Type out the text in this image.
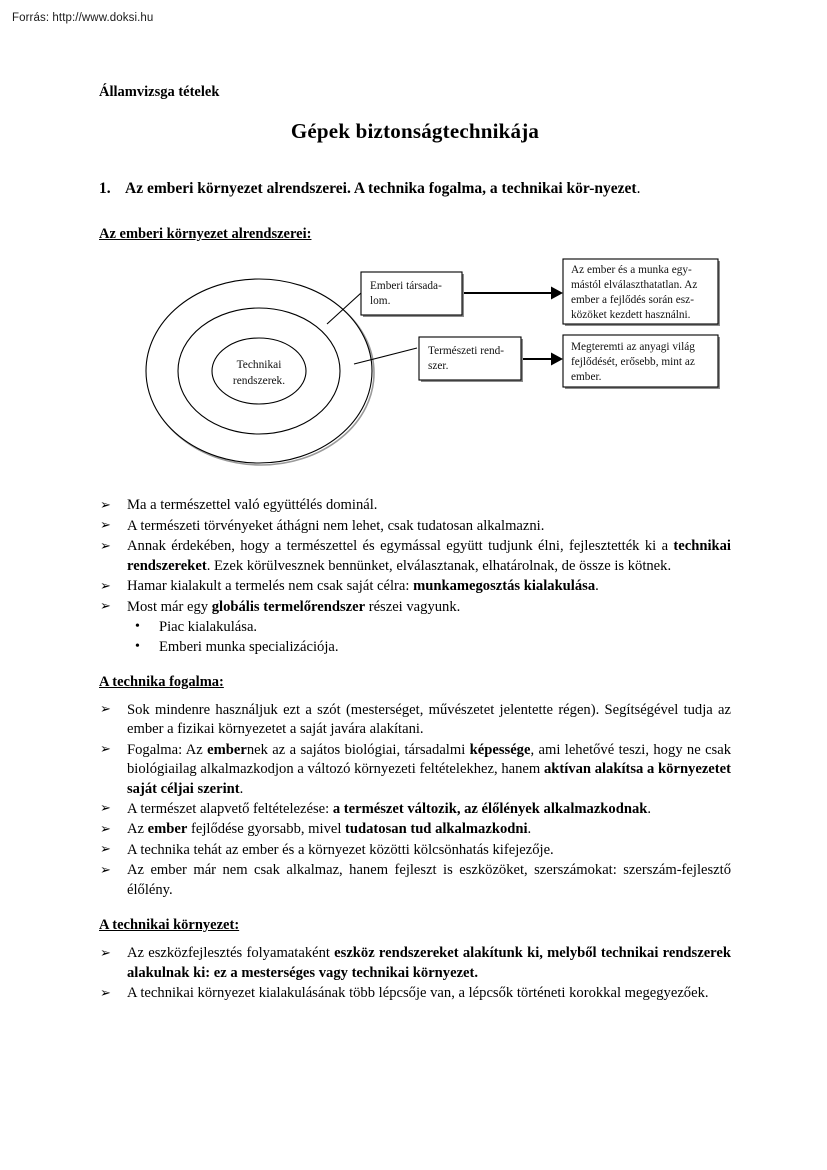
Forrás: http://www.doksi.hu
Technikai
rendszerek.
Emberi társada-
lom.
Természeti rend-
szer.
Az ember és a munka egy-
mástól elválaszthatatlan. Az
ember a fejlődés során esz-
közöket kezdett használni.
Megteremti az anyagi világ
fejlődését, erősebb, mint az
ember.
Államvizsga tételek
Gépek biztonságtechnikája
1. Az emberi környezet alrendszerei. A technika fogalma, a technikai kör-nyezet.
Az emberi környezet alrendszerei:
➢ Ma a természettel való együttélés dominál.
➢ A természeti törvényeket áthágni nem lehet, csak tudatosan alkalmazni.
➢ Annak érdekében, hogy a természettel és egymással együtt tudjunk élni, fejlesztették ki a technikai rendszereket. Ezek körülvesznek bennünket, elválasztanak, elhatárolnak, de össze is kötnek.
➢ Hamar kialakult a termelés nem csak saját célra: munkamegosztás kialakulása.
➢ Most már egy globális termelőrendszer részei vagyunk.
• Piac kialakulása.
• Emberi munka specializációja.
A technika fogalma:
➢ Sok mindenre használjuk ezt a szót (mesterséget, művészetet jelentette régen). Segítségével tudja az ember a fizikai környezetet a saját javára alakítani.
➢ Fogalma: Az embernek az a sajátos biológiai, társadalmi képessége, ami lehetővé teszi, hogy ne csak biológiailag alkalmazkodjon a változó környezeti feltételekhez, hanem aktívan alakítsa a környezetet saját céljai szerint.
➢ A természet alapvető feltételezése: a természet változik, az élőlények alkalmazkodnak.
➢ Az ember fejlődése gyorsabb, mivel tudatosan tud alkalmazkodni.
➢ A technika tehát az ember és a környezet közötti kölcsönhatás kifejezője.
➢ Az ember már nem csak alkalmaz, hanem fejleszt is eszközöket, szerszámokat: szerszám-fejlesztő élőlény.
A technikai környezet:
➢ Az eszközfejlesztés folyamataként eszköz rendszereket alakítunk ki, melyből technikai rendszerek alakulnak ki: ez a mesterséges vagy technikai környezet.
➢ A technikai környezet kialakulásának több lépcsője van, a lépcsők történeti korokkal megegyezőek.
